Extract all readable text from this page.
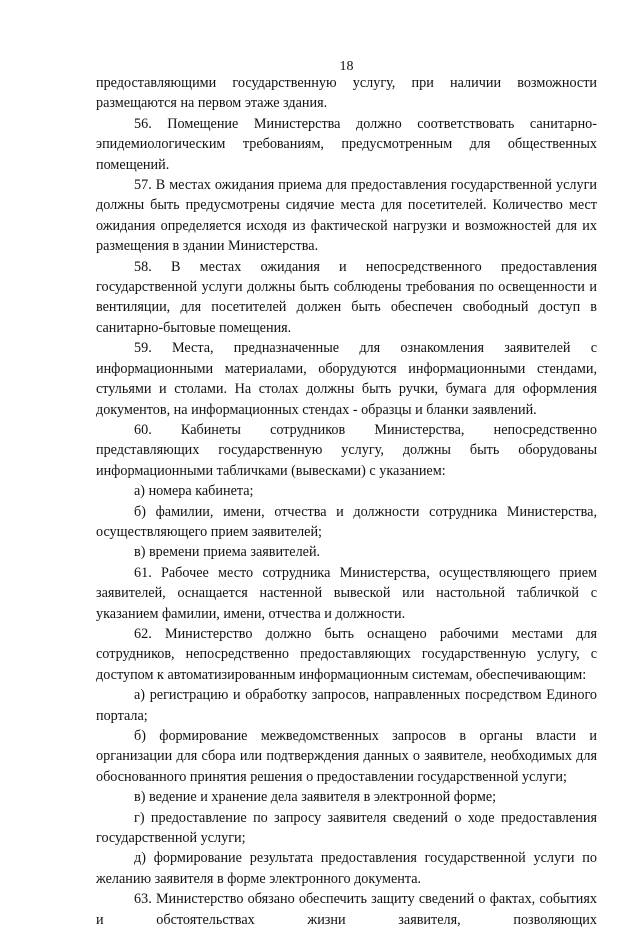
18

предоставляющими государственную услугу, при наличии возможности размещаются на первом этаже здания.

56. Помещение Министерства должно соответствовать санитарно-эпидемиологическим требованиям, предусмотренным для общественных помещений.

57. В местах ожидания приема для предоставления государственной услуги должны быть предусмотрены сидячие места для посетителей. Количество мест ожидания определяется исходя из фактической нагрузки и возможностей для их размещения в здании Министерства.

58. В местах ожидания и непосредственного предоставления государственной услуги должны быть соблюдены требования по освещенности и вентиляции, для посетителей должен быть обеспечен свободный доступ в санитарно-бытовые помещения.

59. Места, предназначенные для ознакомления заявителей с информационными материалами, оборудуются информационными стендами, стульями и столами. На столах должны быть ручки, бумага для оформления документов, на информационных стендах - образцы и бланки заявлений.

60. Кабинеты сотрудников Министерства, непосредственно представляющих государственную услугу, должны быть оборудованы информационными табличками (вывесками) с указанием:

а) номера кабинета;

б) фамилии, имени, отчества и должности сотрудника Министерства, осуществляющего прием заявителей;

в) времени приема заявителей.

61. Рабочее место сотрудника Министерства, осуществляющего прием заявителей, оснащается настенной вывеской или настольной табличкой с указанием фамилии, имени, отчества и должности.

62. Министерство должно быть оснащено рабочими местами для сотрудников, непосредственно предоставляющих государственную услугу, с доступом к автоматизированным информационным системам, обеспечивающим:

а) регистрацию и обработку запросов, направленных посредством Единого портала;

б) формирование межведомственных запросов в органы власти и организации для сбора или подтверждения данных о заявителе, необходимых для обоснованного принятия решения о предоставлении государственной услуги;

в) ведение и хранение дела заявителя в электронной форме;

г) предоставление по запросу заявителя сведений о ходе предоставления государственной услуги;

д) формирование результата предоставления государственной услуги по желанию заявителя в форме электронного документа.

63. Министерство обязано обеспечить защиту сведений о фактах, событиях и обстоятельствах жизни заявителя, позволяющих
